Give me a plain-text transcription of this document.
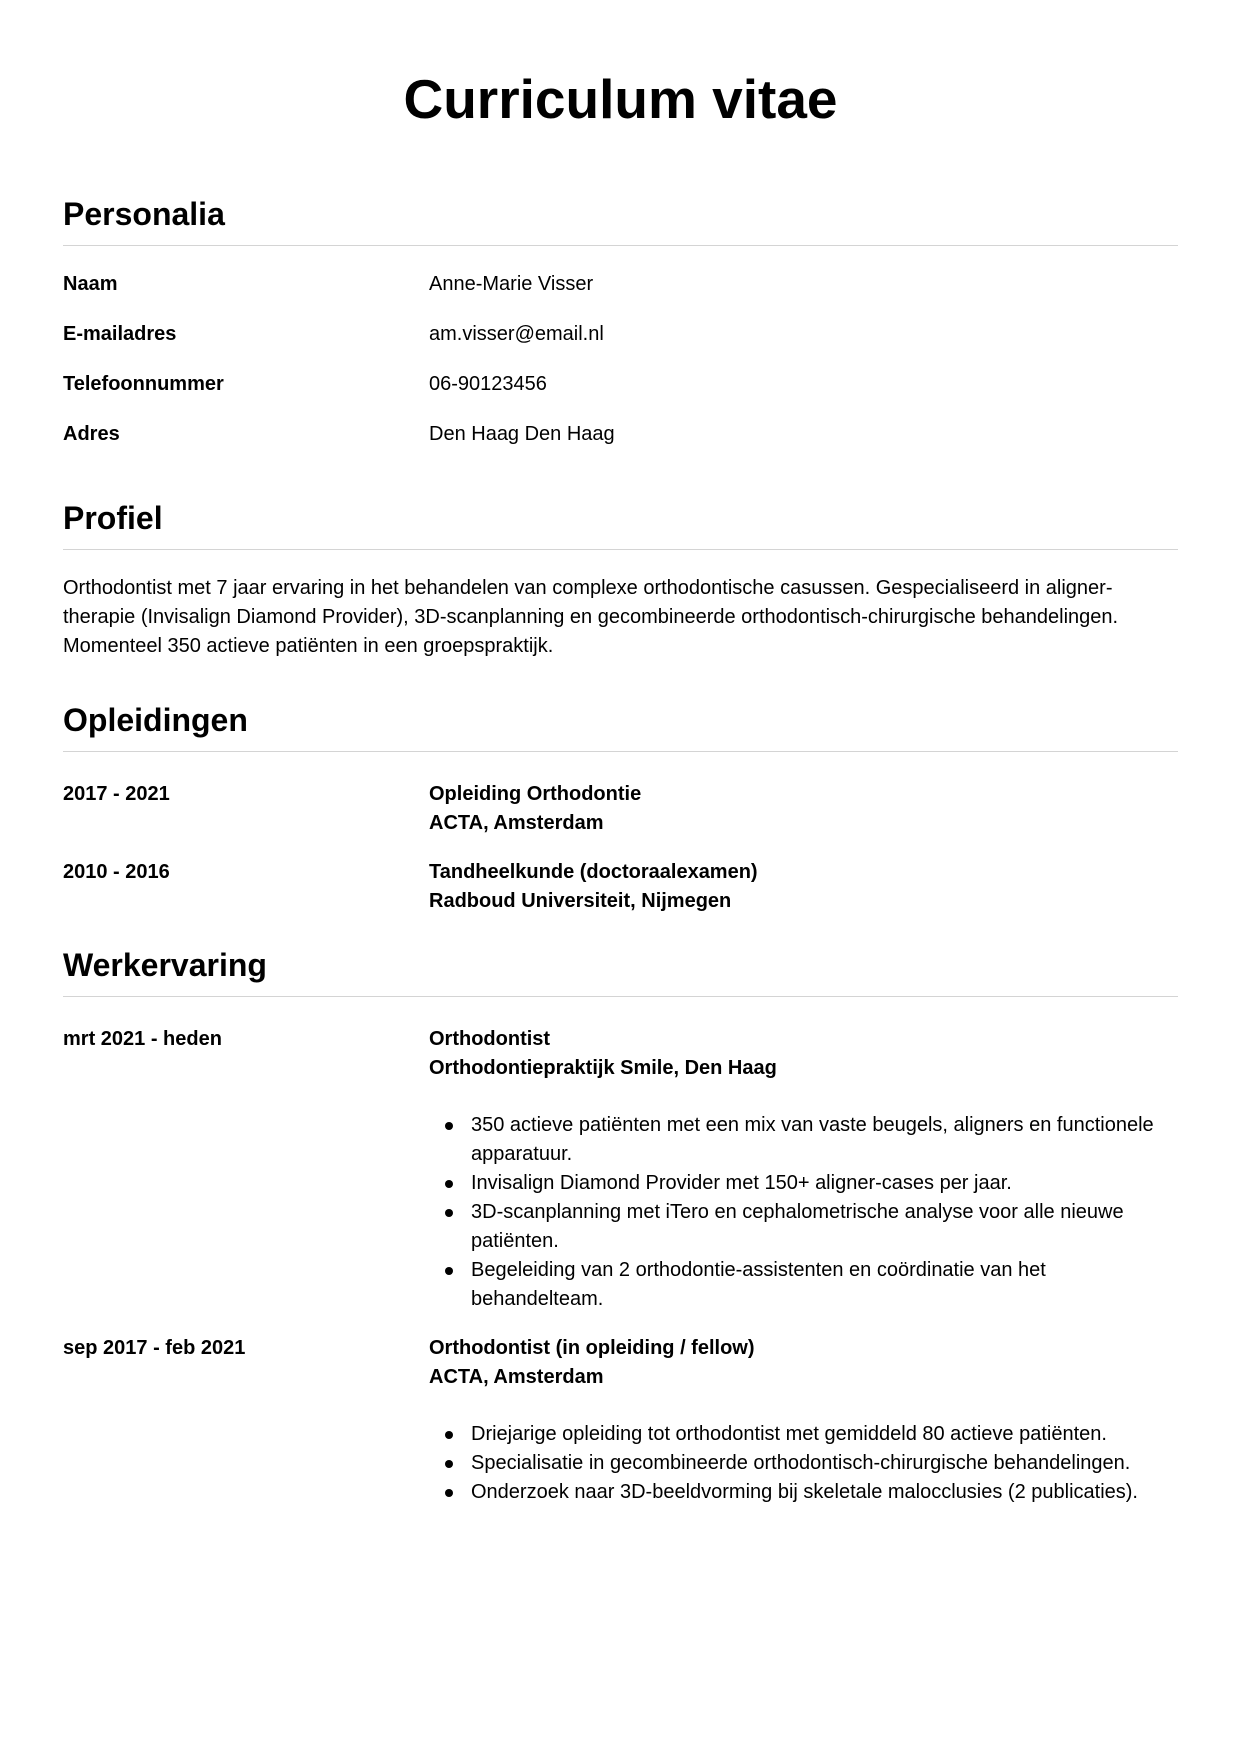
Curriculum vitae
Personalia
Naam	Anne-Marie Visser
E-mailadres	am.visser@email.nl
Telefoonnummer	06-90123456
Adres	Den Haag Den Haag
Profiel

Orthodontist met 7 jaar ervaring in het behandelen van complexe orthodontische casussen. Gespecialiseerd in aligner-therapie (Invisalign Diamond Provider), 3D-scanplanning en gecombineerde orthodontisch-chirurgische behandelingen. Momenteel 350 actieve patiënten in een groepspraktijk.

Opleidingen
2017 - 2021	Opleiding Orthodontie
ACTA, Amsterdam
2010 - 2016	Tandheelkunde (doctoraalexamen)
Radboud Universiteit, Nijmegen
Werkervaring
mrt 2021 - heden	Orthodontist
Orthodontiepraktijk Smile, Den Haag
350 actieve patiënten met een mix van vaste beugels, aligners en functionele apparatuur.
Invisalign Diamond Provider met 150+ aligner-cases per jaar.
3D-scanplanning met iTero en cephalometrische analyse voor alle nieuwe patiënten.
Begeleiding van 2 orthodontie-assistenten en coördinatie van het behandelteam.
sep 2017 - feb 2021	Orthodontist (in opleiding / fellow)
ACTA, Amsterdam
Driejarige opleiding tot orthodontist met gemiddeld 80 actieve patiënten.
Specialisatie in gecombineerde orthodontisch-chirurgische behandelingen.
Onderzoek naar 3D-beeldvorming bij skeletale malocclusies (2 publicaties).
